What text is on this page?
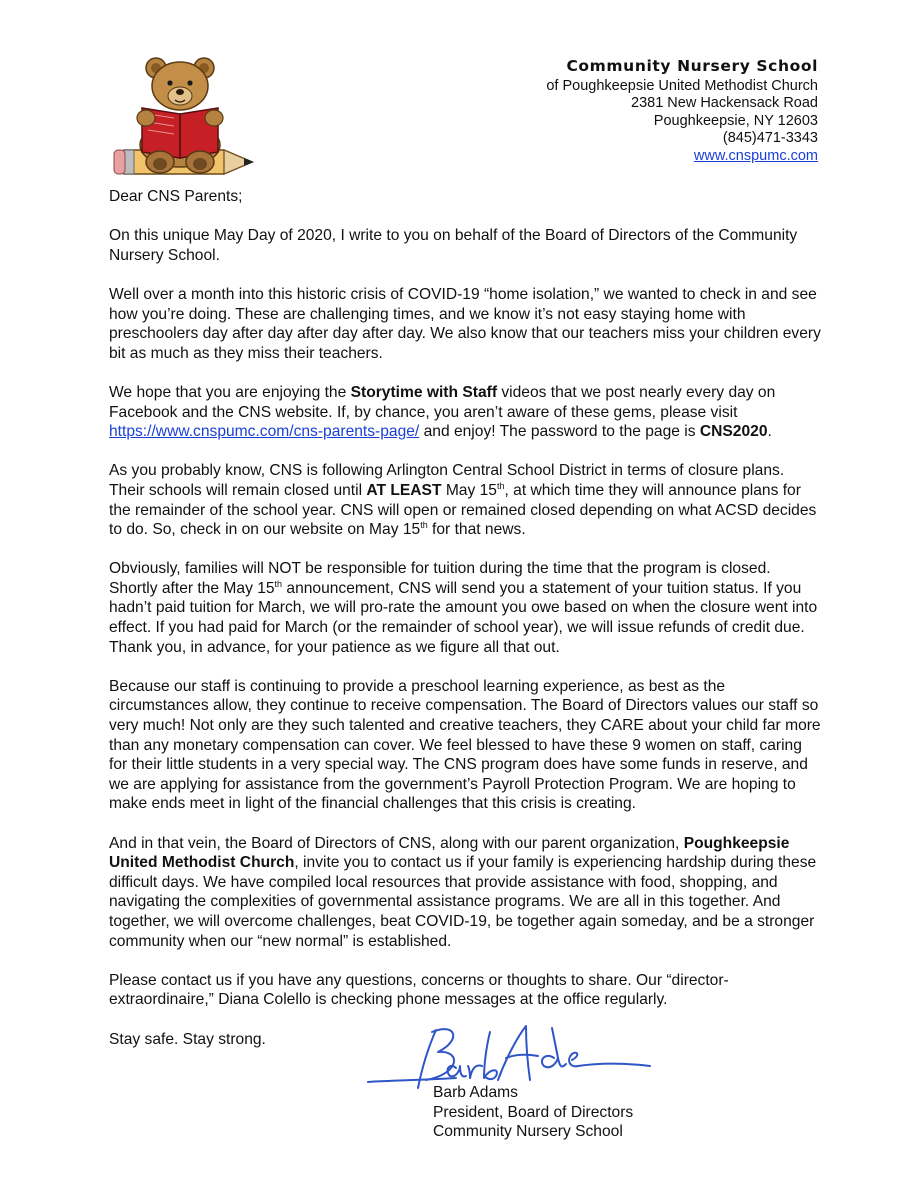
Community Nursery School
of Poughkeepsie United Methodist Church
2381 New Hackensack Road
Poughkeepsie, NY 12603
(845)471-3343
www.cnspumc.com

Dear CNS Parents;

On this unique May Day of 2020, I write to you on behalf of the Board of Directors of the Community Nursery School.

Well over a month into this historic crisis of COVID-19 “home isolation,” we wanted to check in and see how you’re doing. These are challenging times, and we know it’s not easy staying home with preschoolers day after day after day after day. We also know that our teachers miss your children every bit as much as they miss their teachers.

We hope that you are enjoying the Storytime with Staff videos that we post nearly every day on Facebook and the CNS website. If, by chance, you aren’t aware of these gems, please visit https://www.cnspumc.com/cns-parents-page/ and enjoy! The password to the page is CNS2020.

As you probably know, CNS is following Arlington Central School District in terms of closure plans. Their schools will remain closed until AT LEAST May 15th, at which time they will announce plans for the remainder of the school year. CNS will open or remained closed depending on what ACSD decides to do. So, check in on our website on May 15th for that news.

Obviously, families will NOT be responsible for tuition during the time that the program is closed. Shortly after the May 15th announcement, CNS will send you a statement of your tuition status. If you hadn’t paid tuition for March, we will pro-rate the amount you owe based on when the closure went into effect. If you had paid for March (or the remainder of school year), we will issue refunds of credit due. Thank you, in advance, for your patience as we figure all that out.

Because our staff is continuing to provide a preschool learning experience, as best as the circumstances allow, they continue to receive compensation. The Board of Directors values our staff so very much! Not only are they such talented and creative teachers, they CARE about your child far more than any monetary compensation can cover. We feel blessed to have these 9 women on staff, caring for their little students in a very special way. The CNS program does have some funds in reserve, and we are applying for assistance from the government’s Payroll Protection Program. We are hoping to make ends meet in light of the financial challenges that this crisis is creating.

And in that vein, the Board of Directors of CNS, along with our parent organization, Poughkeepsie United Methodist Church, invite you to contact us if your family is experiencing hardship during these difficult days. We have compiled local resources that provide assistance with food, shopping, and navigating the complexities of governmental assistance programs. We are all in this together. And together, we will overcome challenges, beat COVID-19, be together again someday, and be a stronger community when our “new normal” is established.

Please contact us if you have any questions, concerns or thoughts to share. Our “director-extraordinaire,” Diana Colello is checking phone messages at the office regularly.

Stay safe. Stay strong.

Barb Adams
President, Board of Directors
Community Nursery School
